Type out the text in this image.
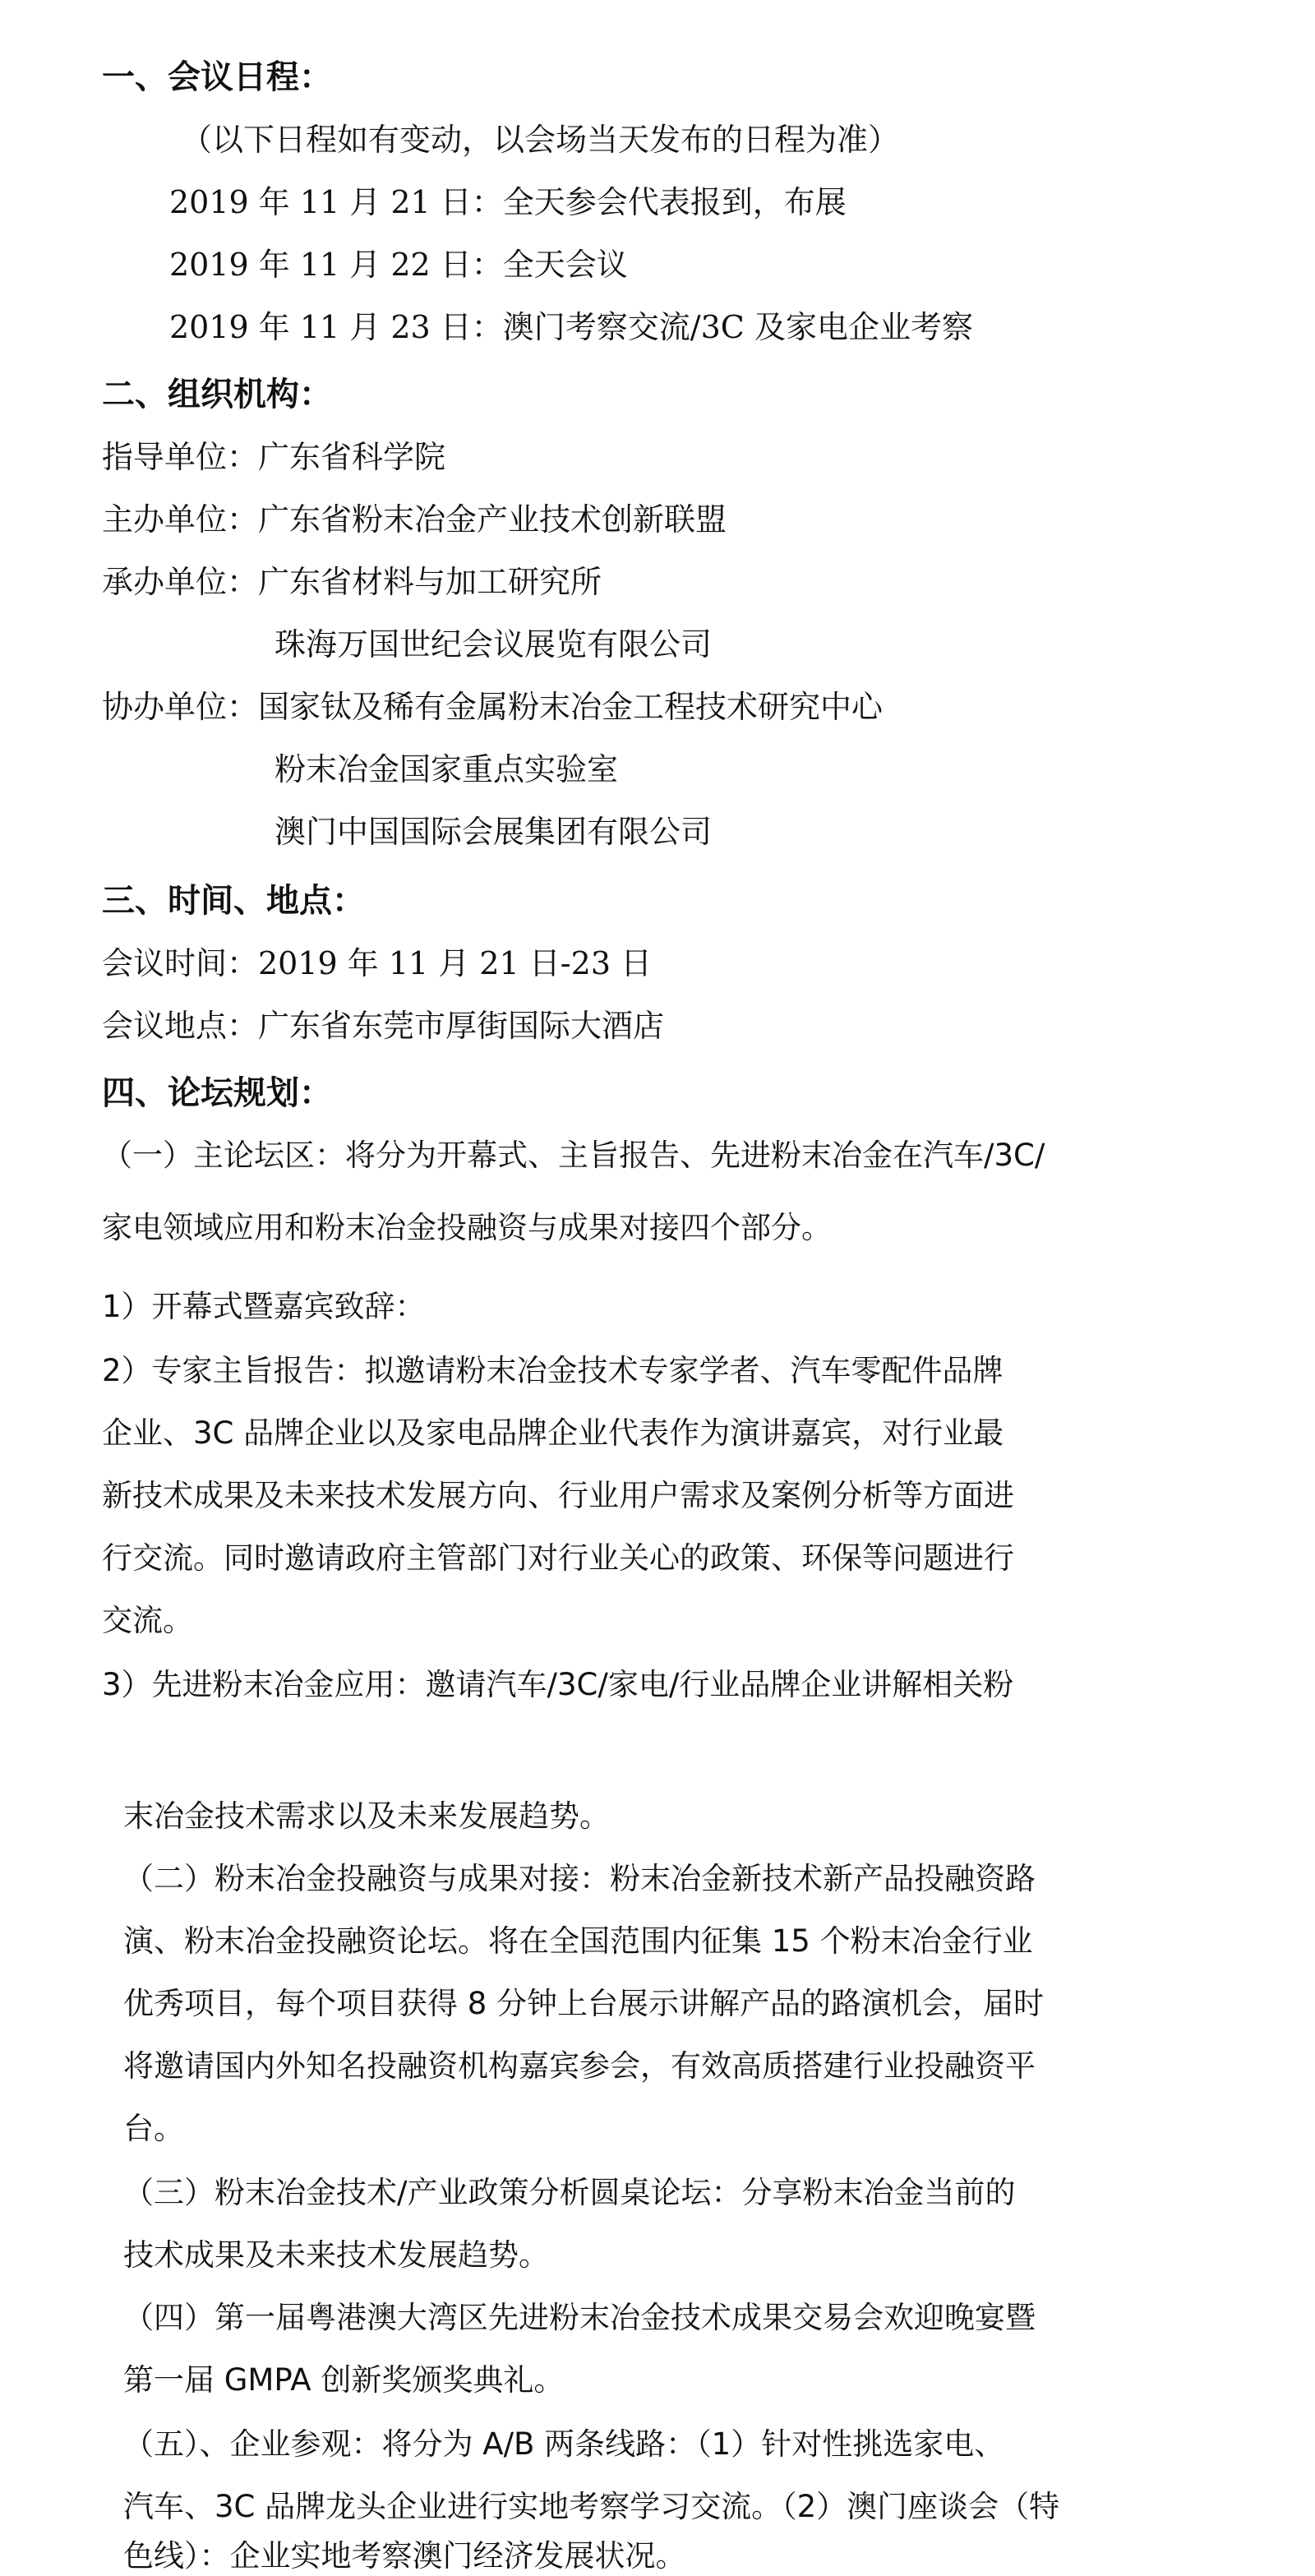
一、会议日程：
（以下日程如有变动，以会场当天发布的日程为准）
2019 年 11 月 21 日：全天参会代表报到，布展
2019 年 11 月 22 日：全天会议
2019 年 11 月 23 日：澳门考察交流/3C 及家电企业考察
二、组织机构：
指导单位：广东省科学院
主办单位：广东省粉末冶金产业技术创新联盟
承办单位：广东省材料与加工研究所
珠海万国世纪会议展览有限公司
协办单位：国家钛及稀有金属粉末冶金工程技术研究中心
粉末冶金国家重点实验室
澳门中国国际会展集团有限公司
三、时间、地点：
会议时间：2019 年 11 月 21 日-23 日
会议地点：广东省东莞市厚街国际大酒店
四、论坛规划：
（一）主论坛区：将分为开幕式、主旨报告、先进粉末冶金在汽车/3C/
家电领域应用和粉末冶金投融资与成果对接四个部分。
1）开幕式暨嘉宾致辞：
2）专家主旨报告：拟邀请粉末冶金技术专家学者、汽车零配件品牌
企业、3C 品牌企业以及家电品牌企业代表作为演讲嘉宾，对行业最
新技术成果及未来技术发展方向、行业用户需求及案例分析等方面进
行交流。同时邀请政府主管部门对行业关心的政策、环保等问题进行
交流。
3）先进粉末冶金应用：邀请汽车/3C/家电/行业品牌企业讲解相关粉
末冶金技术需求以及未来发展趋势。
（二）粉末冶金投融资与成果对接：粉末冶金新技术新产品投融资路
演、粉末冶金投融资论坛。将在全国范围内征集 15 个粉末冶金行业
优秀项目，每个项目获得 8 分钟上台展示讲解产品的路演机会，届时
将邀请国内外知名投融资机构嘉宾参会，有效高质搭建行业投融资平
台。
（三）粉末冶金技术/产业政策分析圆桌论坛：分享粉末冶金当前的
技术成果及未来技术发展趋势。
（四）第一届粤港澳大湾区先进粉末冶金技术成果交易会欢迎晚宴暨
第一届 GMPA 创新奖颁奖典礼。
（五）、企业参观：将分为 A/B 两条线路：（1）针对性挑选家电、
汽车、3C 品牌龙头企业进行实地考察学习交流。（2）澳门座谈会（特
色线）：企业实地考察澳门经济发展状况。
